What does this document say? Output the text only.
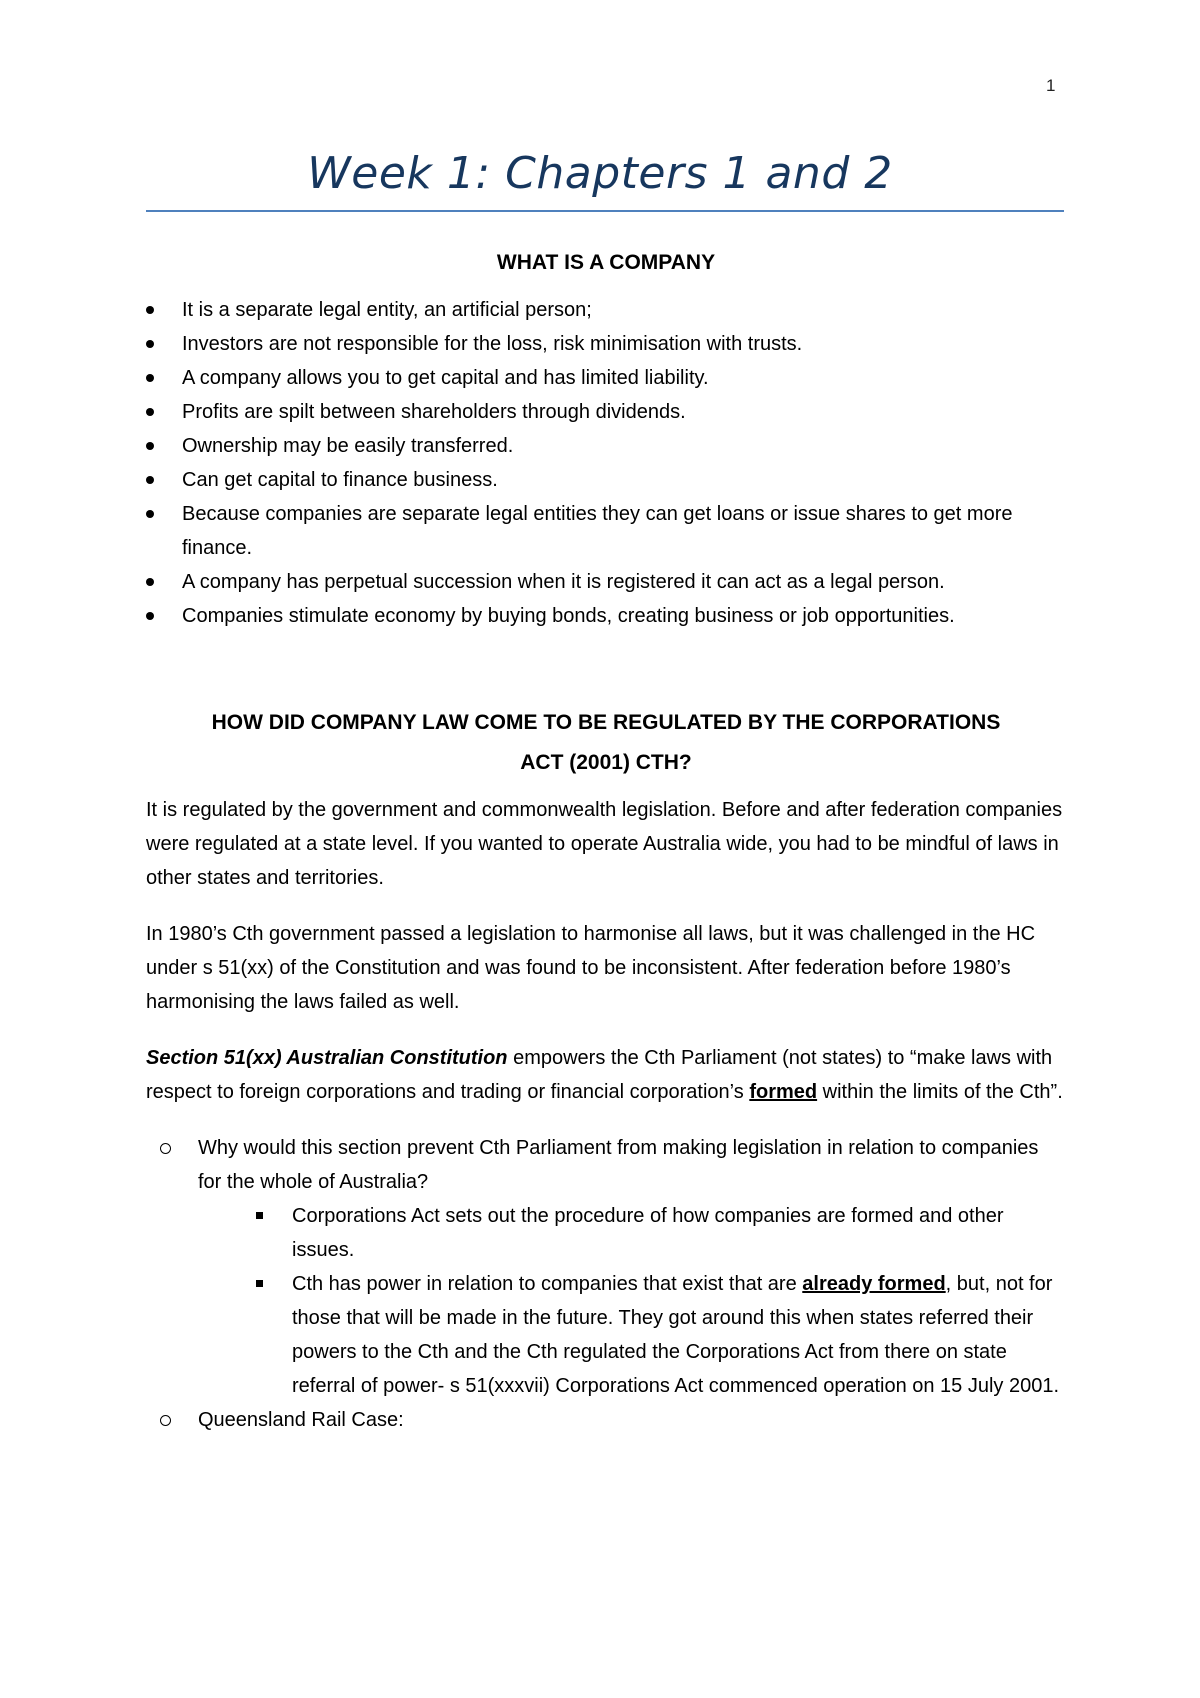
1
Week 1: Chapters 1 and 2
WHAT IS A COMPANY
It is a separate legal entity, an artificial person;
Investors are not responsible for the loss, risk minimisation with trusts.
A company allows you to get capital and has limited liability.
Profits are spilt between shareholders through dividends.
Ownership may be easily transferred.
Can get capital to finance business.
Because companies are separate legal entities they can get loans or issue shares to get more finance.
A company has perpetual succession when it is registered it can act as a legal person.
Companies stimulate economy by buying bonds, creating business or job opportunities.
HOW DID COMPANY LAW COME TO BE REGULATED BY THE CORPORATIONS
ACT (2001) CTH?

It is regulated by the government and commonwealth legislation. Before and after federation companies were regulated at a state level. If you wanted to operate Australia wide, you had to be mindful of laws in other states and territories.

In 1980’s Cth government passed a legislation to harmonise all laws, but it was challenged in the HC under s 51(xx) of the Constitution and was found to be inconsistent. After federation before 1980’s harmonising the laws failed as well.

Section 51(xx) Australian Constitution empowers the Cth Parliament (not states) to “make laws with respect to foreign corporations and trading or financial corporation’s formed within the limits of the Cth”.

Why would this section prevent Cth Parliament from making legislation in relation to companies for the whole of Australia?
Corporations Act sets out the procedure of how companies are formed and other issues.
Cth has power in relation to companies that exist that are already formed, but, not for those that will be made in the future. They got around this when states referred their powers to the Cth and the Cth regulated the Corporations Act from there on state referral of power- s 51(xxxvii) Corporations Act commenced operation on 15 July 2001.
Queensland Rail Case:
